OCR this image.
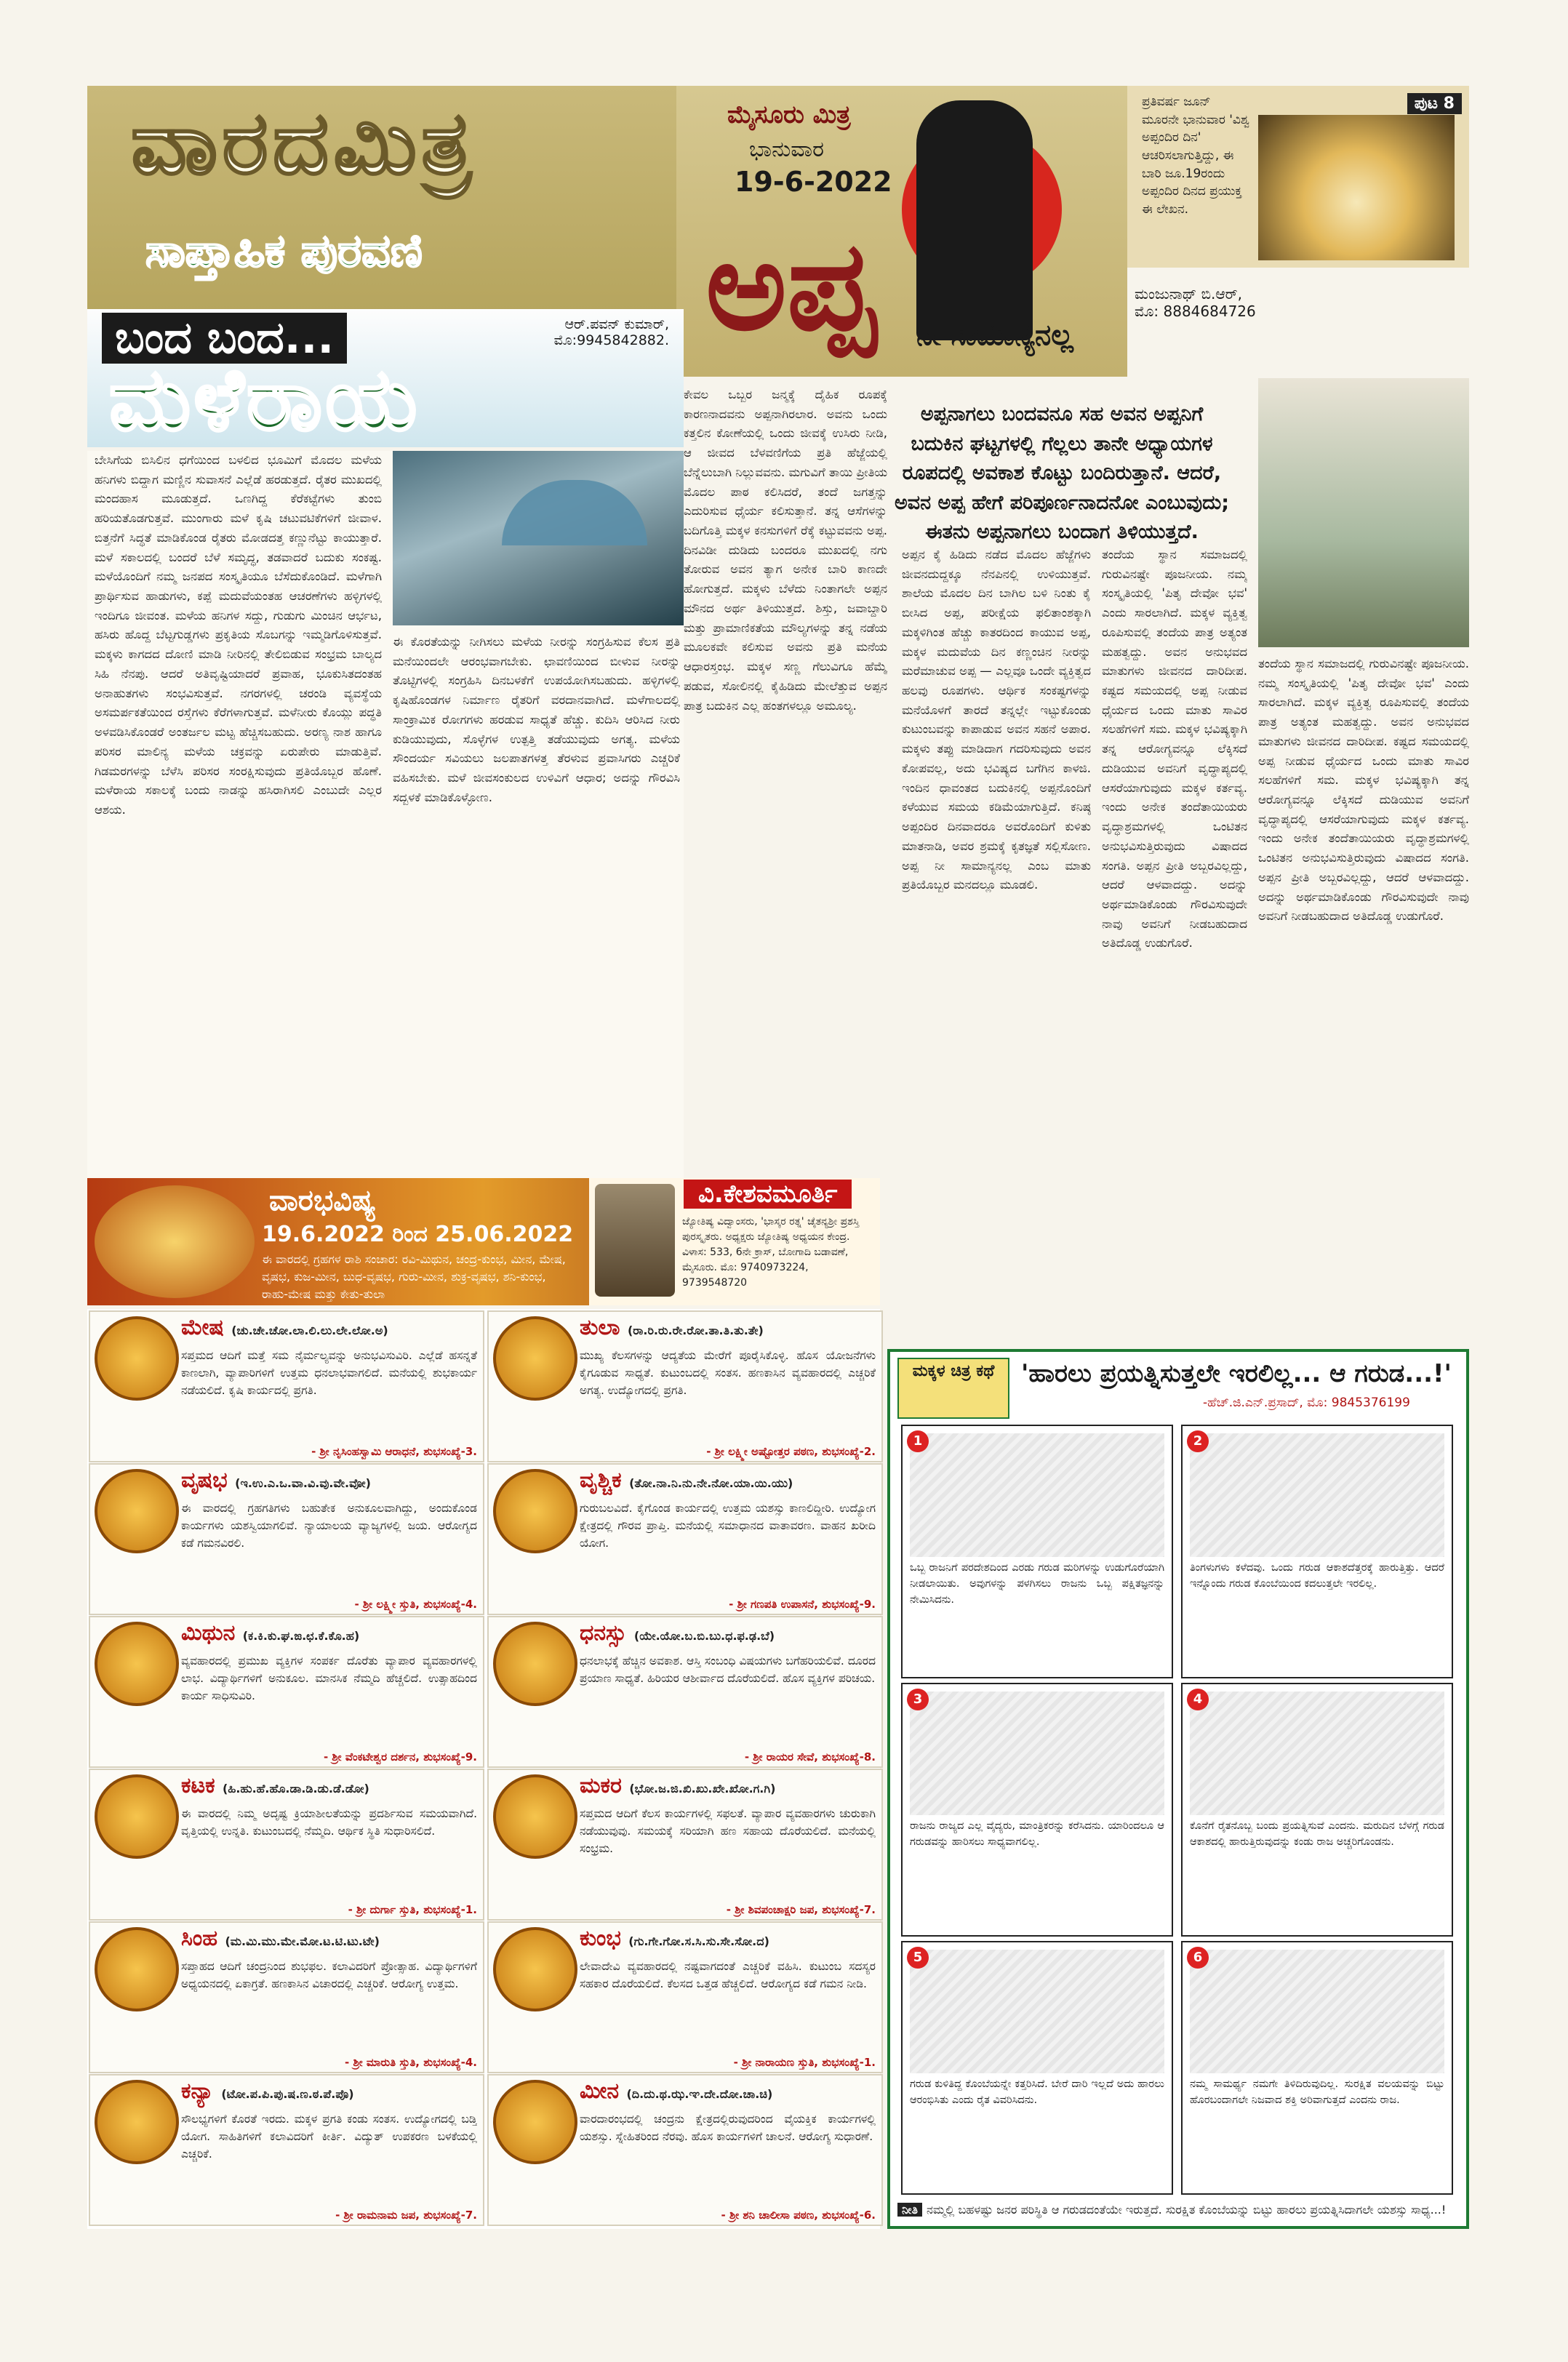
ವಾರದಮಿತ್ರ
ಸಾಪ್ತಾಹಿಕ ಪುರವಣಿ
ಮೈಸೂರು ಮಿತ್ರ
ಭಾನುವಾರ
19-6-2022
ಅಪ್ಪ ನೀ ಸಾಮಾನ್ಯನಲ್ಲ
ಪ್ರತಿವರ್ಷ ಜೂನ್ ಮೂರನೇ ಭಾನುವಾರ 'ವಿಶ್ವ ಅಪ್ಪಂದಿರ ದಿನ' ಆಚರಿಸಲಾಗುತ್ತಿದ್ದು, ಈ ಬಾರಿ ಜೂ.19ರಂದು ಅಪ್ಪಂದಿರ ದಿನದ ಪ್ರಯುಕ್ತ ಈ ಲೇಖನ.
ಪುಟ 8
ಮಂಜುನಾಥ್ ಬಿ.ಆರ್,
ಮೊ: 8884684726
ಬಂದ ಬಂದ...	ಆರ್.ಪವನ್ ಕುಮಾರ್,
ಮೊ:9945842882.
ಮಳೆರಾಯ
ಬೇಸಿಗೆಯ ಬಿಸಿಲಿನ ಧಗೆಯಿಂದ ಬಳಲಿದ ಭೂಮಿಗೆ ಮೊದಲ ಮಳೆಯ ಹನಿಗಳು ಬಿದ್ದಾಗ ಮಣ್ಣಿನ ಸುವಾಸನೆ ಎಲ್ಲೆಡೆ ಹರಡುತ್ತದೆ. ರೈತರ ಮುಖದಲ್ಲಿ ಮಂದಹಾಸ ಮೂಡುತ್ತದೆ. ಒಣಗಿದ್ದ ಕೆರೆಕಟ್ಟೆಗಳು ತುಂಬಿ ಹರಿಯತೊಡಗುತ್ತವೆ. ಮುಂಗಾರು ಮಳೆ ಕೃಷಿ ಚಟುವಟಿಕೆಗಳಿಗೆ ಜೀವಾಳ. ಬಿತ್ತನೆಗೆ ಸಿದ್ಧತೆ ಮಾಡಿಕೊಂಡ ರೈತರು ಮೋಡದತ್ತ ಕಣ್ಣುನೆಟ್ಟು ಕಾಯುತ್ತಾರೆ. ಮಳೆ ಸಕಾಲದಲ್ಲಿ ಬಂದರೆ ಬೆಳೆ ಸಮೃದ್ಧ, ತಡವಾದರೆ ಬದುಕು ಸಂಕಷ್ಟ. ಮಳೆಯೊಂದಿಗೆ ನಮ್ಮ ಜನಪದ ಸಂಸ್ಕೃತಿಯೂ ಬೆಸೆದುಕೊಂಡಿದೆ. ಮಳೆಗಾಗಿ ಪ್ರಾರ್ಥಿಸುವ ಹಾಡುಗಳು, ಕಪ್ಪೆ ಮದುವೆಯಂತಹ ಆಚರಣೆಗಳು ಹಳ್ಳಿಗಳಲ್ಲಿ ಇಂದಿಗೂ ಜೀವಂತ. ಮಳೆಯ ಹನಿಗಳ ಸದ್ದು, ಗುಡುಗು ಮಿಂಚಿನ ಆರ್ಭಟ, ಹಸಿರು ಹೊದ್ದ ಬೆಟ್ಟಗುಡ್ಡಗಳು ಪ್ರಕೃತಿಯ ಸೊಬಗನ್ನು ಇಮ್ಮಡಿಗೊಳಿಸುತ್ತವೆ. ಮಕ್ಕಳು ಕಾಗದದ ದೋಣಿ ಮಾಡಿ ನೀರಿನಲ್ಲಿ ತೇಲಿಬಿಡುವ ಸಂಭ್ರಮ ಬಾಲ್ಯದ ಸಿಹಿ ನೆನಪು. ಆದರೆ ಅತಿವೃಷ್ಟಿಯಾದರೆ ಪ್ರವಾಹ, ಭೂಕುಸಿತದಂತಹ ಅನಾಹುತಗಳು ಸಂಭವಿಸುತ್ತವೆ. ನಗರಗಳಲ್ಲಿ ಚರಂಡಿ ವ್ಯವಸ್ಥೆಯ ಅಸಮರ್ಪಕತೆಯಿಂದ ರಸ್ತೆಗಳು ಕೆರೆಗಳಾಗುತ್ತವೆ. ಮಳೆನೀರು ಕೊಯ್ಲು ಪದ್ಧತಿ ಅಳವಡಿಸಿಕೊಂಡರೆ ಅಂತರ್ಜಲ ಮಟ್ಟ ಹೆಚ್ಚಿಸಬಹುದು. ಅರಣ್ಯ ನಾಶ ಹಾಗೂ ಪರಿಸರ ಮಾಲಿನ್ಯ ಮಳೆಯ ಚಕ್ರವನ್ನು ಏರುಪೇರು ಮಾಡುತ್ತಿವೆ. ಗಿಡಮರಗಳನ್ನು ಬೆಳೆಸಿ ಪರಿಸರ ಸಂರಕ್ಷಿಸುವುದು ಪ್ರತಿಯೊಬ್ಬರ ಹೊಣೆ. ಮಳೆರಾಯ ಸಕಾಲಕ್ಕೆ ಬಂದು ನಾಡನ್ನು ಹಸಿರಾಗಿಸಲಿ ಎಂಬುದೇ ಎಲ್ಲರ ಆಶಯ.
ಈ ಕೊರತೆಯನ್ನು ನೀಗಿಸಲು ಮಳೆಯ ನೀರನ್ನು ಸಂಗ್ರಹಿಸುವ ಕೆಲಸ ಪ್ರತಿ ಮನೆಯಿಂದಲೇ ಆರಂಭವಾಗಬೇಕು. ಛಾವಣಿಯಿಂದ ಬೀಳುವ ನೀರನ್ನು ತೊಟ್ಟಿಗಳಲ್ಲಿ ಸಂಗ್ರಹಿಸಿ ದಿನಬಳಕೆಗೆ ಉಪಯೋಗಿಸಬಹುದು. ಹಳ್ಳಿಗಳಲ್ಲಿ ಕೃಷಿಹೊಂಡಗಳ ನಿರ್ಮಾಣ ರೈತರಿಗೆ ವರದಾನವಾಗಿದೆ. ಮಳೆಗಾಲದಲ್ಲಿ ಸಾಂಕ್ರಾಮಿಕ ರೋಗಗಳು ಹರಡುವ ಸಾಧ್ಯತೆ ಹೆಚ್ಚು. ಕುದಿಸಿ ಆರಿಸಿದ ನೀರು ಕುಡಿಯುವುದು, ಸೊಳ್ಳೆಗಳ ಉತ್ಪತ್ತಿ ತಡೆಯುವುದು ಅಗತ್ಯ. ಮಳೆಯ ಸೌಂದರ್ಯ ಸವಿಯಲು ಜಲಪಾತಗಳತ್ತ ತೆರಳುವ ಪ್ರವಾಸಿಗರು ಎಚ್ಚರಿಕೆ ವಹಿಸಬೇಕು. ಮಳೆ ಜೀವಸಂಕುಲದ ಉಳಿವಿಗೆ ಆಧಾರ; ಅದನ್ನು ಗೌರವಿಸಿ ಸದ್ಬಳಕೆ ಮಾಡಿಕೊಳ್ಳೋಣ.
ಅಪ್ಪನಾಗಲು ಬಂದವನೂ ಸಹ ಅವನ ಅಪ್ಪನಿಗೆ ಬದುಕಿನ ಘಟ್ಟಗಳಲ್ಲಿ ಗೆಲ್ಲಲು ತಾನೇ ಅಧ್ಯಾಯಗಳ ರೂಪದಲ್ಲಿ ಅವಕಾಶ ಕೊಟ್ಟು ಬಂದಿರುತ್ತಾನೆ. ಆದರೆ, ಅವನ ಅಪ್ಪ ಹೇಗೆ ಪರಿಪೂರ್ಣನಾದನೋ ಎಂಬುವುದು; ಈತನು ಅಪ್ಪನಾಗಲು ಬಂದಾಗ ತಿಳಿಯುತ್ತದೆ.
ಕೇವಲ ಒಬ್ಬರ ಜನ್ಮಕ್ಕೆ ದೈಹಿಕ ರೂಪಕ್ಕೆ ಕಾರಣನಾದವನು ಅಪ್ಪನಾಗಿರಲಾರ. ಅವನು ಒಂದು ಕತ್ತಲಿನ ಕೋಣೆಯಲ್ಲಿ ಒಂದು ಜೀವಕ್ಕೆ ಉಸಿರು ನೀಡಿ, ಆ ಜೀವದ ಬೆಳವಣಿಗೆಯ ಪ್ರತಿ ಹೆಜ್ಜೆಯಲ್ಲಿ ಬೆನ್ನೆಲುಬಾಗಿ ನಿಲ್ಲುವವನು. ಮಗುವಿಗೆ ತಾಯಿ ಪ್ರೀತಿಯ ಮೊದಲ ಪಾಠ ಕಲಿಸಿದರೆ, ತಂದೆ ಜಗತ್ತನ್ನು ಎದುರಿಸುವ ಧೈರ್ಯ ಕಲಿಸುತ್ತಾನೆ. ತನ್ನ ಆಸೆಗಳನ್ನು ಬದಿಗೊತ್ತಿ ಮಕ್ಕಳ ಕನಸುಗಳಿಗೆ ರೆಕ್ಕೆ ಕಟ್ಟುವವನು ಅಪ್ಪ. ದಿನವಿಡೀ ದುಡಿದು ಬಂದರೂ ಮುಖದಲ್ಲಿ ನಗು ತೋರುವ ಅವನ ತ್ಯಾಗ ಅನೇಕ ಬಾರಿ ಕಾಣದೇ ಹೋಗುತ್ತದೆ. ಮಕ್ಕಳು ಬೆಳೆದು ನಿಂತಾಗಲೇ ಅಪ್ಪನ ಮೌನದ ಅರ್ಥ ತಿಳಿಯುತ್ತದೆ. ಶಿಸ್ತು, ಜವಾಬ್ದಾರಿ ಮತ್ತು ಪ್ರಾಮಾಣಿಕತೆಯ ಮೌಲ್ಯಗಳನ್ನು ತನ್ನ ನಡೆಯ ಮೂಲಕವೇ ಕಲಿಸುವ ಅವನು ಪ್ರತಿ ಮನೆಯ ಆಧಾರಸ್ತಂಭ. ಮಕ್ಕಳ ಸಣ್ಣ ಗೆಲುವಿಗೂ ಹೆಮ್ಮೆ ಪಡುವ, ಸೋಲಿನಲ್ಲಿ ಕೈಹಿಡಿದು ಮೇಲೆತ್ತುವ ಅಪ್ಪನ ಪಾತ್ರ ಬದುಕಿನ ಎಲ್ಲ ಹಂತಗಳಲ್ಲೂ ಅಮೂಲ್ಯ.
ಅಪ್ಪನ ಕೈ ಹಿಡಿದು ನಡೆದ ಮೊದಲ ಹೆಜ್ಜೆಗಳು ಜೀವನದುದ್ದಕ್ಕೂ ನೆನಪಿನಲ್ಲಿ ಉಳಿಯುತ್ತವೆ. ಶಾಲೆಯ ಮೊದಲ ದಿನ ಬಾಗಿಲ ಬಳಿ ನಿಂತು ಕೈ ಬೀಸಿದ ಅಪ್ಪ, ಪರೀಕ್ಷೆಯ ಫಲಿತಾಂಶಕ್ಕಾಗಿ ಮಕ್ಕಳಿಗಿಂತ ಹೆಚ್ಚು ಕಾತರದಿಂದ ಕಾಯುವ ಅಪ್ಪ, ಮಕ್ಕಳ ಮದುವೆಯ ದಿನ ಕಣ್ಣಂಚಿನ ನೀರನ್ನು ಮರೆಮಾಚುವ ಅಪ್ಪ — ಎಲ್ಲವೂ ಒಂದೇ ವ್ಯಕ್ತಿತ್ವದ ಹಲವು ರೂಪಗಳು. ಆರ್ಥಿಕ ಸಂಕಷ್ಟಗಳನ್ನು ಮನೆಯೊಳಗೆ ತಾರದೆ ತನ್ನಲ್ಲೇ ಇಟ್ಟುಕೊಂಡು ಕುಟುಂಬವನ್ನು ಕಾಪಾಡುವ ಅವನ ಸಹನೆ ಅಪಾರ. ಮಕ್ಕಳು ತಪ್ಪು ಮಾಡಿದಾಗ ಗದರಿಸುವುದು ಅವನ ಕೋಪವಲ್ಲ, ಅದು ಭವಿಷ್ಯದ ಬಗೆಗಿನ ಕಾಳಜಿ. ಇಂದಿನ ಧಾವಂತದ ಬದುಕಿನಲ್ಲಿ ಅಪ್ಪನೊಂದಿಗೆ ಕಳೆಯುವ ಸಮಯ ಕಡಿಮೆಯಾಗುತ್ತಿದೆ. ಕನಿಷ್ಠ ಅಪ್ಪಂದಿರ ದಿನವಾದರೂ ಅವರೊಂದಿಗೆ ಕುಳಿತು ಮಾತನಾಡಿ, ಅವರ ಶ್ರಮಕ್ಕೆ ಕೃತಜ್ಞತೆ ಸಲ್ಲಿಸೋಣ. ಅಪ್ಪ ನೀ ಸಾಮಾನ್ಯನಲ್ಲ ಎಂಬ ಮಾತು ಪ್ರತಿಯೊಬ್ಬರ ಮನದಲ್ಲೂ ಮೂಡಲಿ.
ತಂದೆಯ ಸ್ಥಾನ ಸಮಾಜದಲ್ಲಿ ಗುರುವಿನಷ್ಟೇ ಪೂಜನೀಯ. ನಮ್ಮ ಸಂಸ್ಕೃತಿಯಲ್ಲಿ 'ಪಿತೃ ದೇವೋ ಭವ' ಎಂದು ಸಾರಲಾಗಿದೆ. ಮಕ್ಕಳ ವ್ಯಕ್ತಿತ್ವ ರೂಪಿಸುವಲ್ಲಿ ತಂದೆಯ ಪಾತ್ರ ಅತ್ಯಂತ ಮಹತ್ವದ್ದು. ಅವನ ಅನುಭವದ ಮಾತುಗಳು ಜೀವನದ ದಾರಿದೀಪ. ಕಷ್ಟದ ಸಮಯದಲ್ಲಿ ಅಪ್ಪ ನೀಡುವ ಧೈರ್ಯದ ಒಂದು ಮಾತು ಸಾವಿರ ಸಲಹೆಗಳಿಗೆ ಸಮ. ಮಕ್ಕಳ ಭವಿಷ್ಯಕ್ಕಾಗಿ ತನ್ನ ಆರೋಗ್ಯವನ್ನೂ ಲೆಕ್ಕಿಸದೆ ದುಡಿಯುವ ಅವನಿಗೆ ವೃದ್ಧಾಪ್ಯದಲ್ಲಿ ಆಸರೆಯಾಗುವುದು ಮಕ್ಕಳ ಕರ್ತವ್ಯ. ಇಂದು ಅನೇಕ ತಂದೆತಾಯಿಯರು ವೃದ್ಧಾಶ್ರಮಗಳಲ್ಲಿ ಒಂಟಿತನ ಅನುಭವಿಸುತ್ತಿರುವುದು ವಿಷಾದದ ಸಂಗತಿ. ಅಪ್ಪನ ಪ್ರೀತಿ ಅಬ್ಬರವಿಲ್ಲದ್ದು, ಆದರೆ ಆಳವಾದದ್ದು. ಅದನ್ನು ಅರ್ಥಮಾಡಿಕೊಂಡು ಗೌರವಿಸುವುದೇ ನಾವು ಅವನಿಗೆ ನೀಡಬಹುದಾದ ಅತಿದೊಡ್ಡ ಉಡುಗೊರೆ.
ತಂದೆಯ ಸ್ಥಾನ ಸಮಾಜದಲ್ಲಿ ಗುರುವಿನಷ್ಟೇ ಪೂಜನೀಯ. ನಮ್ಮ ಸಂಸ್ಕೃತಿಯಲ್ಲಿ 'ಪಿತೃ ದೇವೋ ಭವ' ಎಂದು ಸಾರಲಾಗಿದೆ. ಮಕ್ಕಳ ವ್ಯಕ್ತಿತ್ವ ರೂಪಿಸುವಲ್ಲಿ ತಂದೆಯ ಪಾತ್ರ ಅತ್ಯಂತ ಮಹತ್ವದ್ದು. ಅವನ ಅನುಭವದ ಮಾತುಗಳು ಜೀವನದ ದಾರಿದೀಪ. ಕಷ್ಟದ ಸಮಯದಲ್ಲಿ ಅಪ್ಪ ನೀಡುವ ಧೈರ್ಯದ ಒಂದು ಮಾತು ಸಾವಿರ ಸಲಹೆಗಳಿಗೆ ಸಮ. ಮಕ್ಕಳ ಭವಿಷ್ಯಕ್ಕಾಗಿ ತನ್ನ ಆರೋಗ್ಯವನ್ನೂ ಲೆಕ್ಕಿಸದೆ ದುಡಿಯುವ ಅವನಿಗೆ ವೃದ್ಧಾಪ್ಯದಲ್ಲಿ ಆಸರೆಯಾಗುವುದು ಮಕ್ಕಳ ಕರ್ತವ್ಯ. ಇಂದು ಅನೇಕ ತಂದೆತಾಯಿಯರು ವೃದ್ಧಾಶ್ರಮಗಳಲ್ಲಿ ಒಂಟಿತನ ಅನುಭವಿಸುತ್ತಿರುವುದು ವಿಷಾದದ ಸಂಗತಿ. ಅಪ್ಪನ ಪ್ರೀತಿ ಅಬ್ಬರವಿಲ್ಲದ್ದು, ಆದರೆ ಆಳವಾದದ್ದು. ಅದನ್ನು ಅರ್ಥಮಾಡಿಕೊಂಡು ಗೌರವಿಸುವುದೇ ನಾವು ಅವನಿಗೆ ನೀಡಬಹುದಾದ ಅತಿದೊಡ್ಡ ಉಡುಗೊರೆ.
ವಾರಭವಿಷ್ಯ
19.6.2022 ರಿಂದ 25.06.2022
ಈ ವಾರದಲ್ಲಿ ಗ್ರಹಗಳ ರಾಶಿ ಸಂಚಾರ: ರವಿ-ಮಿಥುನ, ಚಂದ್ರ-ಕುಂಭ, ಮೀನ, ಮೇಷ, ವೃಷಭ, ಕುಜ-ಮೀನ, ಬುಧ-ವೃಷಭ, ಗುರು-ಮೀನ, ಶುಕ್ರ-ವೃಷಭ, ಶನಿ-ಕುಂಭ, ರಾಹು-ಮೇಷ ಮತ್ತು ಕೇತು-ತುಲಾ
ವಿ.ಕೇಶವಮೂರ್ತಿ
ಜ್ಯೋತಿಷ್ಯ ವಿದ್ವಾಂಸರು, 'ಭಾಸ್ಕರ ರತ್ನ' ಚೈತನ್ಯಶ್ರೀ ಪ್ರಶಸ್ತಿ ಪುರಸ್ಕೃತರು. ಅಧ್ಯಕ್ಷರು ಜ್ಯೋತಿಷ್ಯ ಅಧ್ಯಯನ ಕೇಂದ್ರ. ವಿಳಾಸ: 533, 6ನೇ ಕ್ರಾಸ್, ಬೋಗಾದಿ ಬಡಾವಣೆ, ಮೈಸೂರು. ಮೊ: 9740973224, 9739548720
ಮೇಷ (ಚು.ಚೇ.ಚೋ.ಲಾ.ಲಿ.ಲು.ಲೇ.ಲೋ.ಅ)
ಸಪ್ತಮದ ಆದಿಗೆ ಮತ್ತೆ ಸಮ ನೈರ್ಮಲ್ಯವನ್ನು ಅನುಭವಿಸುವಿರಿ. ಎಲ್ಲೆಡೆ ಹಸನ್ನತೆ ಕಾಣಲಾಗಿ, ವ್ಯಾಪಾರಿಗಳಿಗೆ ಉತ್ತಮ ಧನಲಾಭವಾಗಲಿದೆ. ಮನೆಯಲ್ಲಿ ಶುಭಕಾರ್ಯ ನಡೆಯಲಿದೆ. ಕೃಷಿ ಕಾರ್ಯದಲ್ಲಿ ಪ್ರಗತಿ.
- ಶ್ರೀ ನೃಸಿಂಹಸ್ವಾಮಿ ಆರಾಧನೆ, ಶುಭಸಂಖ್ಯೆ-3.
ತುಲಾ (ರಾ.ರಿ.ರು.ರೇ.ರೋ.ತಾ.ತಿ.ತು.ತೇ)
ಮುಖ್ಯ ಕೆಲಸಗಳನ್ನು ಆದ್ಯತೆಯ ಮೇರೆಗೆ ಪೂರೈಸಿಕೊಳ್ಳಿ. ಹೊಸ ಯೋಜನೆಗಳು ಕೈಗೂಡುವ ಸಾಧ್ಯತೆ. ಕುಟುಂಬದಲ್ಲಿ ಸಂತಸ. ಹಣಕಾಸಿನ ವ್ಯವಹಾರದಲ್ಲಿ ಎಚ್ಚರಿಕೆ ಅಗತ್ಯ. ಉದ್ಯೋಗದಲ್ಲಿ ಪ್ರಗತಿ.
- ಶ್ರೀ ಲಕ್ಷ್ಮೀ ಅಷ್ಟೋತ್ತರ ಪಠಣ, ಶುಭಸಂಖ್ಯೆ-2.
ವೃಷಭ (ಇ.ಉ.ಎ.ಒ.ವಾ.ವಿ.ವು.ವೇ.ವೋ)
ಈ ವಾರದಲ್ಲಿ ಗ್ರಹಗತಿಗಳು ಬಹುತೇಕ ಅನುಕೂಲವಾಗಿದ್ದು, ಅಂದುಕೊಂಡ ಕಾರ್ಯಗಳು ಯಶಸ್ವಿಯಾಗಲಿವೆ. ನ್ಯಾಯಾಲಯ ವ್ಯಾಜ್ಯಗಳಲ್ಲಿ ಜಯ. ಆರೋಗ್ಯದ ಕಡೆ ಗಮನವಿರಲಿ.
- ಶ್ರೀ ಲಕ್ಷ್ಮೀ ಸ್ತುತಿ, ಶುಭಸಂಖ್ಯೆ-4.
ವೃಶ್ಚಿಕ (ತೋ.ನಾ.ನಿ.ನು.ನೇ.ನೋ.ಯಾ.ಯಿ.ಯು)
ಗುರುಬಲವಿದೆ. ಕೈಗೊಂಡ ಕಾರ್ಯದಲ್ಲಿ ಉತ್ತಮ ಯಶಸ್ಸು ಕಾಣಲಿದ್ದೀರಿ. ಉದ್ಯೋಗ ಕ್ಷೇತ್ರದಲ್ಲಿ ಗೌರವ ಪ್ರಾಪ್ತಿ. ಮನೆಯಲ್ಲಿ ಸಮಾಧಾನದ ವಾತಾವರಣ. ವಾಹನ ಖರೀದಿ ಯೋಗ.
- ಶ್ರೀ ಗಣಪತಿ ಉಪಾಸನೆ, ಶುಭಸಂಖ್ಯೆ-9.
ಮಿಥುನ (ಕ.ಕಿ.ಕು.ಘ.ಙ.ಛ.ಕೆ.ಕೊ.ಹ)
ವ್ಯವಹಾರದಲ್ಲಿ ಪ್ರಮುಖ ವ್ಯಕ್ತಿಗಳ ಸಂಪರ್ಕ ದೊರೆತು ವ್ಯಾಪಾರ ವ್ಯವಹಾರಗಳಲ್ಲಿ ಲಾಭ. ವಿದ್ಯಾರ್ಥಿಗಳಿಗೆ ಅನುಕೂಲ. ಮಾನಸಿಕ ನೆಮ್ಮದಿ ಹೆಚ್ಚಲಿದೆ. ಉತ್ಸಾಹದಿಂದ ಕಾರ್ಯ ಸಾಧಿಸುವಿರಿ.
- ಶ್ರೀ ವೆಂಕಟೇಶ್ವರ ದರ್ಶನ, ಶುಭಸಂಖ್ಯೆ-9.
ಧನಸ್ಸು (ಯೇ.ಯೋ.ಬ.ಬಿ.ಬು.ಧ.ಫ.ಢ.ಬೆ)
ಧನಲಾಭಕ್ಕೆ ಹೆಚ್ಚಿನ ಅವಕಾಶ. ಆಸ್ತಿ ಸಂಬಂಧಿ ವಿಷಯಗಳು ಬಗೆಹರಿಯಲಿವೆ. ದೂರದ ಪ್ರಯಾಣ ಸಾಧ್ಯತೆ. ಹಿರಿಯರ ಆಶೀರ್ವಾದ ದೊರೆಯಲಿದೆ. ಹೊಸ ವ್ಯಕ್ತಿಗಳ ಪರಿಚಯ.
- ಶ್ರೀ ರಾಯರ ಸೇವೆ, ಶುಭಸಂಖ್ಯೆ-8.
ಕಟಕ (ಹಿ.ಹು.ಹೆ.ಹೊ.ಡಾ.ಡಿ.ಡು.ಡೆ.ಡೋ)
ಈ ವಾರದಲ್ಲಿ ನಿಮ್ಮ ಅದೃಷ್ಟ ಕ್ರಿಯಾಶೀಲತೆಯನ್ನು ಪ್ರದರ್ಶಿಸುವ ಸಮಯವಾಗಿದೆ. ವೃತ್ತಿಯಲ್ಲಿ ಉನ್ನತಿ. ಕುಟುಂಬದಲ್ಲಿ ನೆಮ್ಮದಿ. ಆರ್ಥಿಕ ಸ್ಥಿತಿ ಸುಧಾರಿಸಲಿದೆ.
- ಶ್ರೀ ದುರ್ಗಾ ಸ್ತುತಿ, ಶುಭಸಂಖ್ಯೆ-1.
ಮಕರ (ಭೋ.ಜ.ಜಿ.ಖಿ.ಖು.ಖೇ.ಖೋ.ಗ.ಗಿ)
ಸಪ್ತಮದ ಆದಿಗೆ ಕೆಲಸ ಕಾರ್ಯಗಳಲ್ಲಿ ಸಫಲತೆ. ವ್ಯಾಪಾರ ವ್ಯವಹಾರಗಳು ಚುರುಕಾಗಿ ನಡೆಯುವುವು. ಸಮಯಕ್ಕೆ ಸರಿಯಾಗಿ ಹಣ ಸಹಾಯ ದೊರೆಯಲಿದೆ. ಮನೆಯಲ್ಲಿ ಸಂಭ್ರಮ.
- ಶ್ರೀ ಶಿವಪಂಚಾಕ್ಷರಿ ಜಪ, ಶುಭಸಂಖ್ಯೆ-7.
ಸಿಂಹ (ಮ.ಮಿ.ಮು.ಮೇ.ಮೋ.ಟ.ಟಿ.ಟು.ಟೇ)
ಸಪ್ತಾಹದ ಆದಿಗೆ ಚಂದ್ರನಿಂದ ಶುಭಫಲ. ಕಲಾವಿದರಿಗೆ ಪ್ರೋತ್ಸಾಹ. ವಿದ್ಯಾರ್ಥಿಗಳಿಗೆ ಅಧ್ಯಯನದಲ್ಲಿ ಏಕಾಗ್ರತೆ. ಹಣಕಾಸಿನ ವಿಚಾರದಲ್ಲಿ ಎಚ್ಚರಿಕೆ. ಆರೋಗ್ಯ ಉತ್ತಮ.
- ಶ್ರೀ ಮಾರುತಿ ಸ್ತುತಿ, ಶುಭಸಂಖ್ಯೆ-4.
ಕುಂಭ (ಗು.ಗೇ.ಗೋ.ಸ.ಸಿ.ಸು.ಸೇ.ಸೋ.ದ)
ಲೇವಾದೇವಿ ವ್ಯವಹಾರದಲ್ಲಿ ನಷ್ಟವಾಗದಂತೆ ಎಚ್ಚರಿಕೆ ವಹಿಸಿ. ಕುಟುಂಬ ಸದಸ್ಯರ ಸಹಕಾರ ದೊರೆಯಲಿದೆ. ಕೆಲಸದ ಒತ್ತಡ ಹೆಚ್ಚಲಿದೆ. ಆರೋಗ್ಯದ ಕಡೆ ಗಮನ ನೀಡಿ.
- ಶ್ರೀ ನಾರಾಯಣ ಸ್ತುತಿ, ಶುಭಸಂಖ್ಯೆ-1.
ಕನ್ಯಾ (ಟೋ.ಪ.ಪಿ.ಪು.ಷ.ಣ.ಠ.ಪೆ.ಪೊ)
ಸೌಲಭ್ಯಗಳಿಗೆ ಕೊರತೆ ಇರದು. ಮಕ್ಕಳ ಪ್ರಗತಿ ಕಂಡು ಸಂತಸ. ಉದ್ಯೋಗದಲ್ಲಿ ಬಡ್ತಿ ಯೋಗ. ಸಾಹಿತಿಗಳಿಗೆ ಕಲಾವಿದರಿಗೆ ಕೀರ್ತಿ. ವಿದ್ಯುತ್ ಉಪಕರಣ ಬಳಕೆಯಲ್ಲಿ ಎಚ್ಚರಿಕೆ.
- ಶ್ರೀ ರಾಮನಾಮ ಜಪ, ಶುಭಸಂಖ್ಯೆ-7.
ಮೀನ (ದಿ.ದು.ಥ.ಝ.ಞ.ದೇ.ದೋ.ಚಾ.ಚಿ)
ವಾರದಾರಂಭದಲ್ಲಿ ಚಂದ್ರನು ಕ್ಷೇತ್ರದಲ್ಲಿರುವುದರಿಂದ ವೈಯಕ್ತಿಕ ಕಾರ್ಯಗಳಲ್ಲಿ ಯಶಸ್ಸು. ಸ್ನೇಹಿತರಿಂದ ನೆರವು. ಹೊಸ ಕಾರ್ಯಗಳಿಗೆ ಚಾಲನೆ. ಆರೋಗ್ಯ ಸುಧಾರಣೆ.
- ಶ್ರೀ ಶನಿ ಚಾಲೀಸಾ ಪಠಣ, ಶುಭಸಂಖ್ಯೆ-6.
ಮಕ್ಕಳ ಚಿತ್ರ ಕಥೆ	'ಹಾರಲು ಪ್ರಯತ್ನಿಸುತ್ತಲೇ ಇರಲಿಲ್ಲ... ಆ ಗರುಡ...!'
-ಹೆಚ್.ಜಿ.ಎನ್.ಪ್ರಸಾದ್, ಮೊ: 9845376199
1
ಒಬ್ಬ ರಾಜನಿಗೆ ಪರದೇಶದಿಂದ ಎರಡು ಗರುಡ ಮರಿಗಳನ್ನು ಉಡುಗೊರೆಯಾಗಿ ನೀಡಲಾಯಿತು. ಅವುಗಳನ್ನು ಪಳಗಿಸಲು ರಾಜನು ಒಬ್ಬ ಪಕ್ಷಿತಜ್ಞನನ್ನು ನೇಮಿಸಿದನು.
2
ತಿಂಗಳುಗಳು ಕಳೆದವು. ಒಂದು ಗರುಡ ಆಕಾಶದೆತ್ತರಕ್ಕೆ ಹಾರುತ್ತಿತ್ತು. ಆದರೆ ಇನ್ನೊಂದು ಗರುಡ ಕೊಂಬೆಯಿಂದ ಕದಲುತ್ತಲೇ ಇರಲಿಲ್ಲ.
3
ರಾಜನು ರಾಜ್ಯದ ಎಲ್ಲ ವೈದ್ಯರು, ಮಾಂತ್ರಿಕರನ್ನು ಕರೆಸಿದನು. ಯಾರಿಂದಲೂ ಆ ಗರುಡವನ್ನು ಹಾರಿಸಲು ಸಾಧ್ಯವಾಗಲಿಲ್ಲ.
4
ಕೊನೆಗೆ ರೈತನೊಬ್ಬ ಬಂದು ಪ್ರಯತ್ನಿಸುವೆ ಎಂದನು. ಮರುದಿನ ಬೆಳಗ್ಗೆ ಗರುಡ ಆಕಾಶದಲ್ಲಿ ಹಾರುತ್ತಿರುವುದನ್ನು ಕಂಡು ರಾಜ ಅಚ್ಚರಿಗೊಂಡನು.
5
ಗರುಡ ಕುಳಿತಿದ್ದ ಕೊಂಬೆಯನ್ನೇ ಕತ್ತರಿಸಿದೆ. ಬೇರೆ ದಾರಿ ಇಲ್ಲದೆ ಅದು ಹಾರಲು ಆರಂಭಿಸಿತು ಎಂದು ರೈತ ವಿವರಿಸಿದನು.
6
ನಮ್ಮ ಸಾಮರ್ಥ್ಯ ನಮಗೇ ತಿಳಿದಿರುವುದಿಲ್ಲ. ಸುರಕ್ಷಿತ ವಲಯವನ್ನು ಬಿಟ್ಟು ಹೊರಬಂದಾಗಲೇ ನಿಜವಾದ ಶಕ್ತಿ ಅರಿವಾಗುತ್ತದೆ ಎಂದನು ರಾಜ.
ನೀತಿ ನಮ್ಮಲ್ಲಿ ಬಹಳಷ್ಟು ಜನರ ಪರಿಸ್ಥಿತಿ ಆ ಗರುಡದಂತೆಯೇ ಇರುತ್ತದೆ. ಸುರಕ್ಷಿತ ಕೊಂಬೆಯನ್ನು ಬಿಟ್ಟು ಹಾರಲು ಪ್ರಯತ್ನಿಸಿದಾಗಲೇ ಯಶಸ್ಸು ಸಾಧ್ಯ...!
